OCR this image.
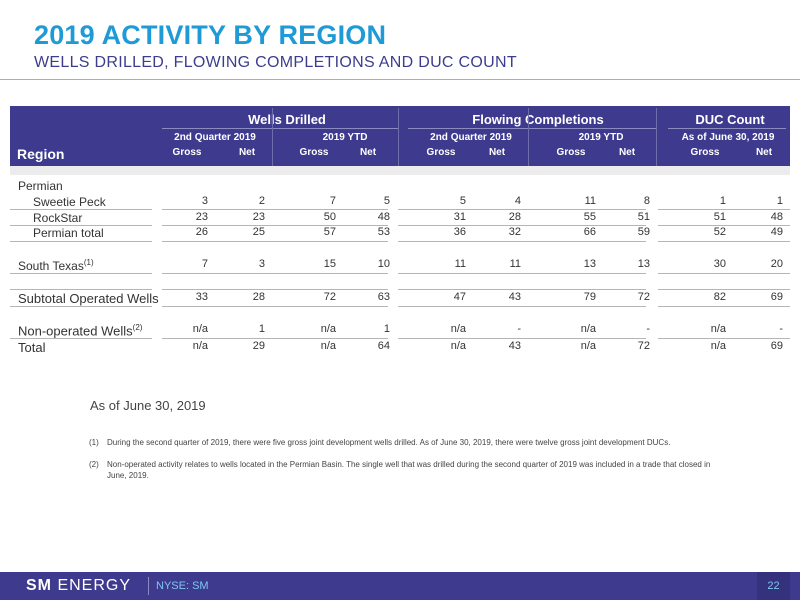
2019 ACTIVITY BY REGION
WELLS DRILLED, FLOWING COMPLETIONS AND DUC COUNT
Wells Drilled	Flowing Completions	DUC Count
2nd Quarter 2019	2019 YTD	2nd Quarter 2019	2019 YTD	As of June 30, 2019
Region	Gross	Net	Gross	Net	Gross	Net	Gross	Net	Gross	Net
Permian
Sweetie Peck	3	2	7	5	5	4	11	8	1	1
RockStar	23	23	50	48	31	28	55	51	51	48
Permian total	26	25	57	53	36	32	66	59	52	49
South Texas$^{(1)}$	7	3	15	10	11	11	13	13	30	20
Subtotal Operated Wells	33	28	72	63	47	43	79	72	82	69
Non-operated Wells$^{(2)}$	n/a	1	n/a	1	n/a	-	n/a	-	n/a	-
Total	n/a	29	n/a	64	n/a	43	n/a	72	n/a	69
As of June 30, 2019
(1) During the second quarter of 2019, there were five gross joint development wells drilled. As of June 30, 2019, there were twelve gross joint development DUCs.
(2) Non-operated activity relates to wells located in the Permian Basin. The single well that was drilled during the second quarter of 2019 was included in a trade that closed in June, 2019.
SM ENERGY NYSE: SM	22
